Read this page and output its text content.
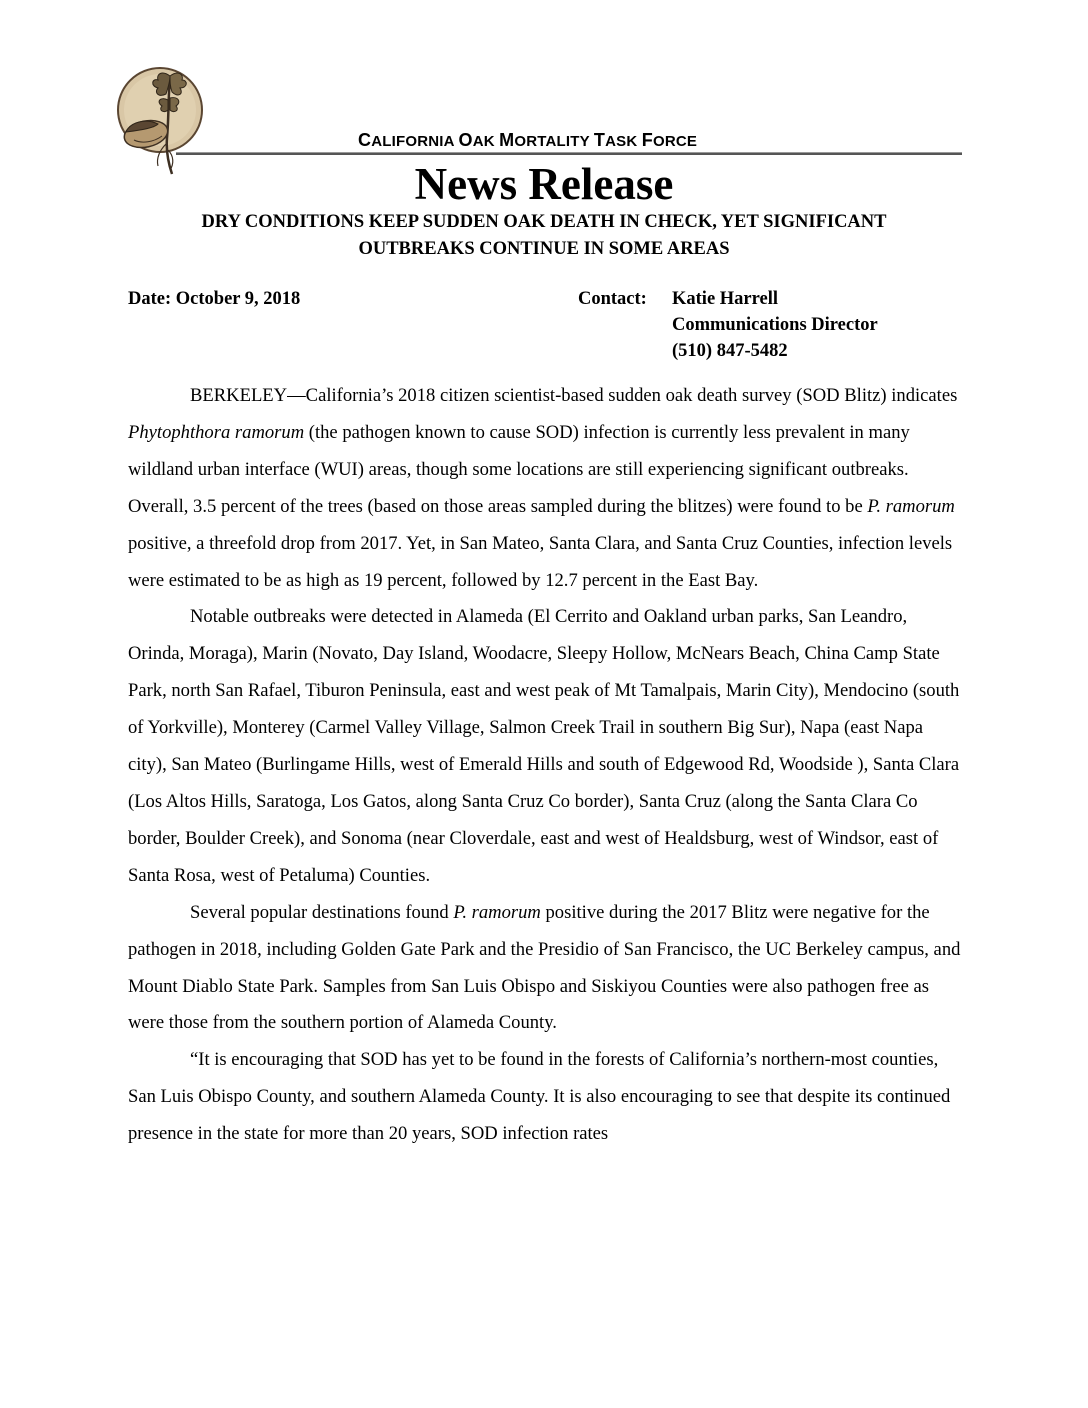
CALIFORNIA OAK MORTALITY TASK FORCE
News Release
DRY CONDITIONS KEEP SUDDEN OAK DEATH IN CHECK, YET SIGNIFICANT
OUTBREAKS CONTINUE IN SOME AREAS
Date: October 9, 2018	Contact: Katie Harrell
Communications Director
(510) 847-5482

BERKELEY—California’s 2018 citizen scientist-based sudden oak death survey (SOD Blitz) indicates Phytophthora ramorum (the pathogen known to cause SOD) infection is currently less prevalent in many wildland urban interface (WUI) areas, though some locations are still experiencing significant outbreaks. Overall, 3.5 percent of the trees (based on those areas sampled during the blitzes) were found to be P. ramorum positive, a threefold drop from 2017. Yet, in San Mateo, Santa Clara, and Santa Cruz Counties, infection levels were estimated to be as high as 19 percent, followed by 12.7 percent in the East Bay.

Notable outbreaks were detected in Alameda (El Cerrito and Oakland urban parks, San Leandro, Orinda, Moraga), Marin (Novato, Day Island, Woodacre, Sleepy Hollow, McNears Beach, China Camp State Park, north San Rafael, Tiburon Peninsula, east and west peak of Mt Tamalpais, Marin City), Mendocino (south of Yorkville), Monterey (Carmel Valley Village, Salmon Creek Trail in southern Big Sur), Napa (east Napa city), San Mateo (Burlingame Hills, west of Emerald Hills and south of Edgewood Rd, Woodside ), Santa Clara (Los Altos Hills, Saratoga, Los Gatos, along Santa Cruz Co border), Santa Cruz (along the Santa Clara Co border, Boulder Creek), and Sonoma (near Cloverdale, east and west of Healdsburg, west of Windsor, east of Santa Rosa, west of Petaluma) Counties.

Several popular destinations found P. ramorum positive during the 2017 Blitz were negative for the pathogen in 2018, including Golden Gate Park and the Presidio of San Francisco, the UC Berkeley campus, and Mount Diablo State Park. Samples from San Luis Obispo and Siskiyou Counties were also pathogen free as were those from the southern portion of Alameda County.

“It is encouraging that SOD has yet to be found in the forests of California’s northern-most counties, San Luis Obispo County, and southern Alameda County. It is also encouraging to see that despite its continued presence in the state for more than 20 years, SOD infection rates
